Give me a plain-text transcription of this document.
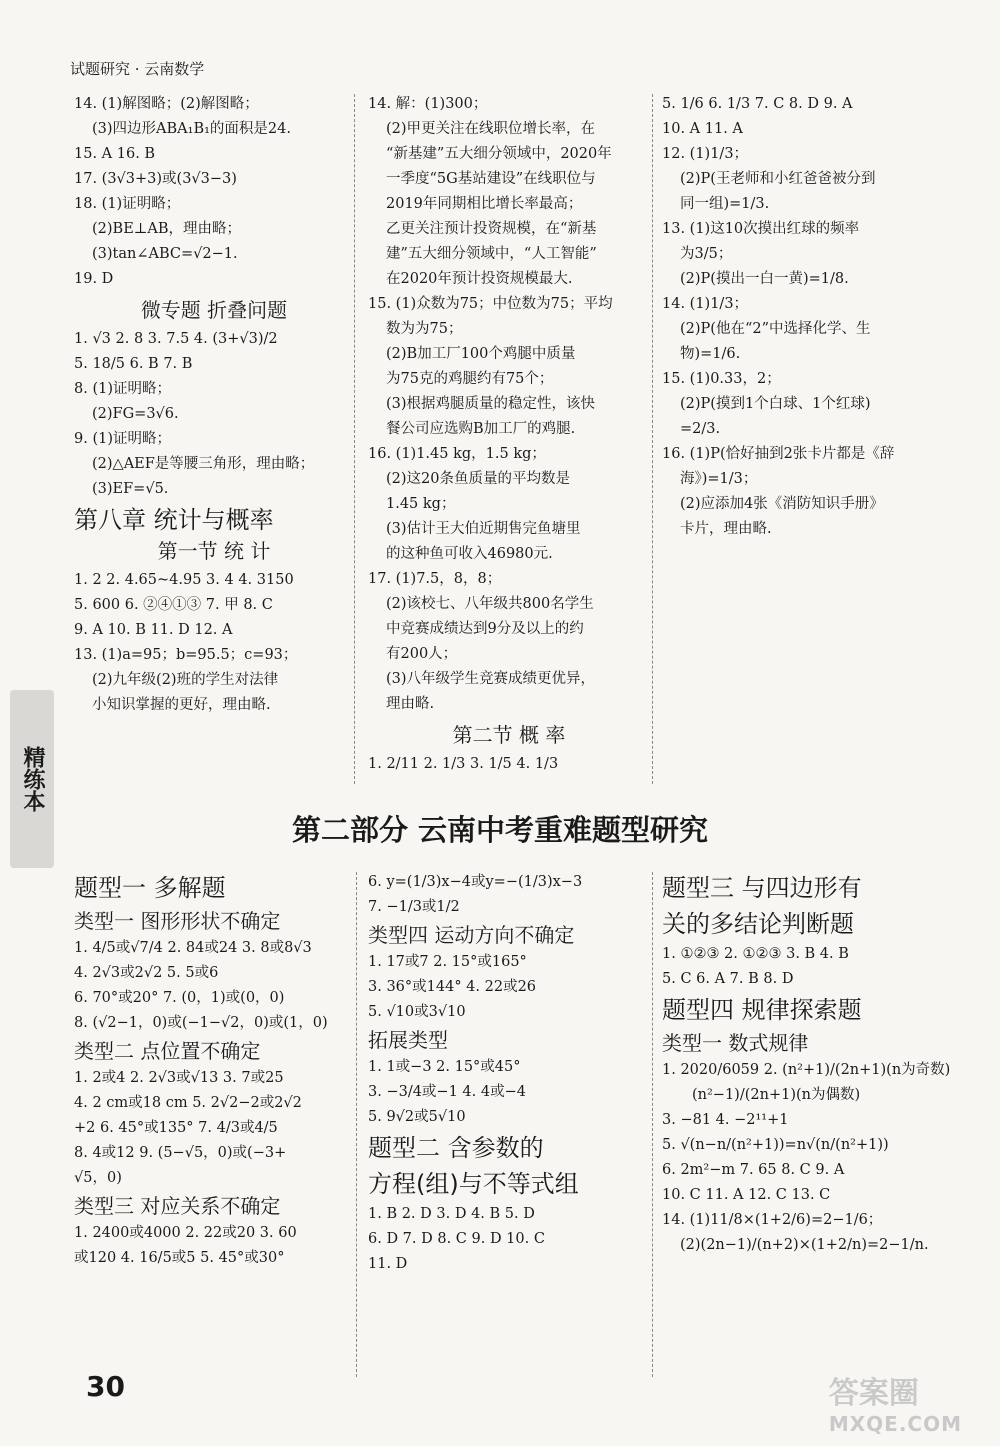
试题研究 · 云南数学
14. (1)解图略；(2)解图略；
(3)四边形ABA₁B₁的面积是24.
15. A 16. B
17. (3√3+3)或(3√3−3)
18. (1)证明略；
(2)BE⊥AB，理由略；
(3)tan∠ABC=√2−1.
19. D
微专题 折叠问题
1. √3 2. 8 3. 7.5 4. (3+√3)/2
5. 18/5 6. B 7. B
8. (1)证明略；
(2)FG=3√6.
9. (1)证明略；
(2)△AEF是等腰三角形，理由略；
(3)EF=√5.
第八章 统计与概率
第一节 统 计
1. 2 2. 4.65~4.95 3. 4 4. 3150
5. 600 6. ②④①③ 7. 甲 8. C
9. A 10. B 11. D 12. A
13. (1)a=95；b=95.5；c=93；
(2)九年级(2)班的学生对法律
小知识掌握的更好，理由略.
14. 解：(1)300；
(2)甲更关注在线职位增长率，在
“新基建”五大细分领域中，2020年
一季度“5G基站建设”在线职位与
2019年同期相比增长率最高；
乙更关注预计投资规模，在“新基
建”五大细分领域中，“人工智能”
在2020年预计投资规模最大.
15. (1)众数为75；中位数为75；平均
数为为75；
(2)B加工厂100个鸡腿中质量
为75克的鸡腿约有75个；
(3)根据鸡腿质量的稳定性，该快
餐公司应选购B加工厂的鸡腿.
16. (1)1.45 kg，1.5 kg；
(2)这20条鱼质量的平均数是
1.45 kg；
(3)估计王大伯近期售完鱼塘里
的这种鱼可收入46980元.
17. (1)7.5，8，8；
(2)该校七、八年级共800名学生
中竞赛成绩达到9分及以上的约
有200人；
(3)八年级学生竞赛成绩更优异，
理由略.
第二节 概 率
1. 2/11 2. 1/3 3. 1/5 4. 1/3
5. 1/6 6. 1/3 7. C 8. D 9. A
10. A 11. A
12. (1)1/3；
(2)P(王老师和小红爸爸被分到
同一组)=1/3.
13. (1)这10次摸出红球的频率
为3/5；
(2)P(摸出一白一黄)=1/8.
14. (1)1/3；
(2)P(他在“2”中选择化学、生
物)=1/6.
15. (1)0.33，2；
(2)P(摸到1个白球、1个红球)
=2/3.
16. (1)P(恰好抽到2张卡片都是《辞
海》)=1/3；
(2)应添加4张《消防知识手册》
卡片，理由略.
精练本
第二部分 云南中考重难题型研究
题型一 多解题
类型一 图形形状不确定
1. 4/5或√7/4 2. 84或24 3. 8或8√3
4. 2√3或2√2 5. 5或6
6. 70°或20° 7. (0，1)或(0，0)
8. (√2−1，0)或(−1−√2，0)或(1，0)
类型二 点位置不确定
1. 2或4 2. 2√3或√13 3. 7或25
4. 2 cm或18 cm 5. 2√2−2或2√2
+2 6. 45°或135° 7. 4/3或4/5
8. 4或12 9. (5−√5，0)或(−3+
√5，0)
类型三 对应关系不确定
1. 2400或4000 2. 22或20 3. 60
或120 4. 16/5或5 5. 45°或30°
6. y=(1/3)x−4或y=−(1/3)x−3
7. −1/3或1/2
类型四 运动方向不确定
1. 17或7 2. 15°或165°
3. 36°或144° 4. 22或26
5. √10或3√10
拓展类型
1. 1或−3 2. 15°或45°
3. −3/4或−1 4. 4或−4
5. 9√2或5√10
题型二 含参数的
方程(组)与不等式组
1. B 2. D 3. D 4. B 5. D
6. D 7. D 8. C 9. D 10. C
11. D
题型三 与四边形有
关的多结论判断题
1. ①②③ 2. ①②③ 3. B 4. B
5. C 6. A 7. B 8. D
题型四 规律探索题
类型一 数式规律
1. 2020/6059 2. (n²+1)/(2n+1)(n为奇数)
(n²−1)/(2n+1)(n为偶数)
3. −81 4. −2¹¹+1
5. √(n−n/(n²+1))=n√(n/(n²+1))
6. 2m²−m 7. 65 8. C 9. A
10. C 11. A 12. C 13. C
14. (1)11/8×(1+2/6)=2−1/6；
(2)(2n−1)/(n+2)×(1+2/n)=2−1/n.
30	答案圈
MXQE.COM
